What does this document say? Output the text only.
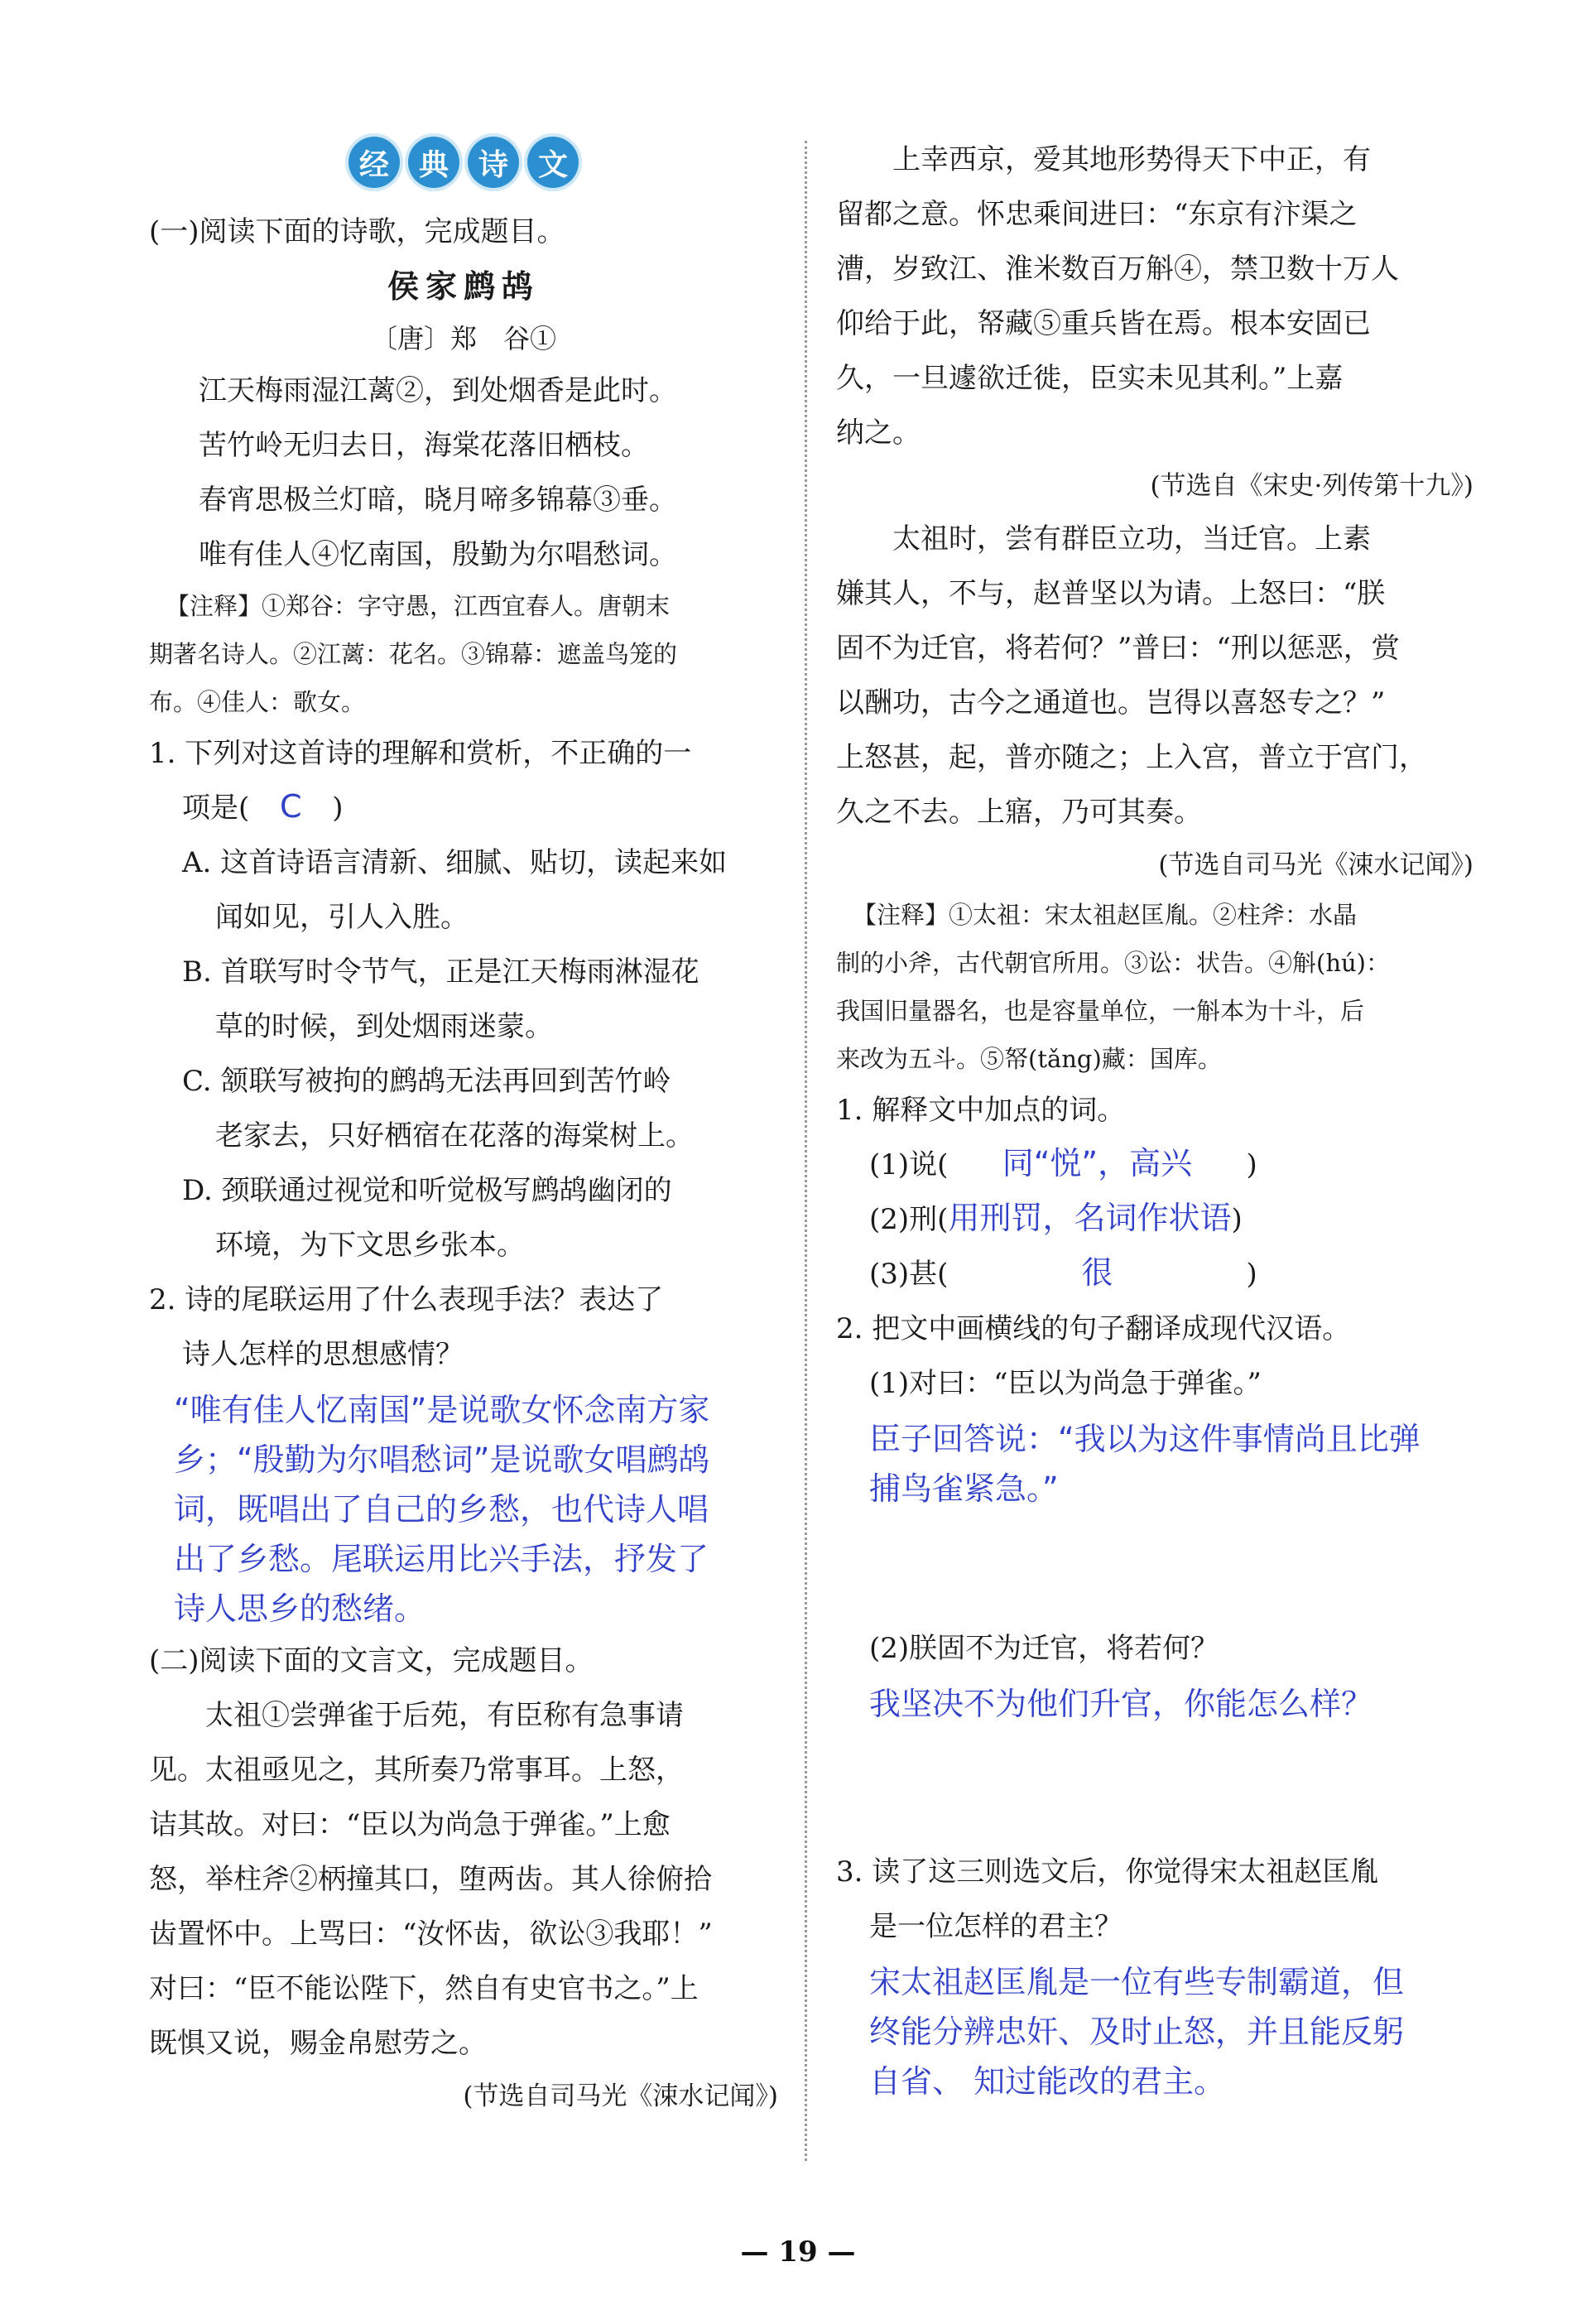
经 典 诗 文
(一)阅读下面的诗歌，完成题目。
侯家鹧鸪
〔唐〕郑　谷①
江天梅雨湿江蓠②，到处烟香是此时。
苦竹岭无归去日，海棠花落旧栖枝。
春宵思极兰灯暗，晓月啼多锦幕③垂。
唯有佳人④忆南国，殷勤为尔唱愁词。
【注释】①郑谷：字守愚，江西宜春人。唐朝末
期著名诗人。②江蓠：花名。③锦幕：遮盖鸟笼的
布。④佳人：歌女。
1. 下列对这首诗的理解和赏析，不正确的一
项是( C )
A. 这首诗语言清新、细腻、贴切，读起来如
闻如见，引人入胜。
B. 首联写时令节气，正是江天梅雨淋湿花
草的时候，到处烟雨迷蒙。
C. 颔联写被拘的鹧鸪无法再回到苦竹岭
老家去，只好栖宿在花落的海棠树上。
D. 颈联通过视觉和听觉极写鹧鸪幽闭的
环境，为下文思乡张本。
2. 诗的尾联运用了什么表现手法？表达了
诗人怎样的思想感情？
“唯有佳人忆南国”是说歌女怀念南方家
乡；“殷勤为尔唱愁词”是说歌女唱鹧鸪
词，既唱出了自己的乡愁，也代诗人唱
出了乡愁。尾联运用比兴手法，抒发了
诗人思乡的愁绪。
(二)阅读下面的文言文，完成题目。
太祖①尝弹雀于后苑，有臣称有急事请
见。太祖亟见之，其所奏乃常事耳。上怒，
诘其故。对曰：“臣以为尚急于弹雀。”上愈
怒，举柱斧②柄撞其口，堕两齿。其人徐俯拾
齿置怀中。上骂曰：“汝怀齿，欲讼③我耶！”
对曰：“臣不能讼陛下，然自有史官书之。”上
既惧又说，赐金帛慰劳之。
(节选自司马光《涑水记闻》)
上幸西京，爱其地形势得天下中正，有
留都之意。怀忠乘间进曰：“东京有汴渠之
漕，岁致江、淮米数百万斛④，禁卫数十万人
仰给于此，帑藏⑤重兵皆在焉。根本安固已
久，一旦遽欲迁徙，臣实未见其利。”上嘉
纳之。
(节选自《宋史·列传第十九》)
太祖时，尝有群臣立功，当迁官。上素
嫌其人，不与，赵普坚以为请。上怒曰：“朕
固不为迁官，将若何？”普曰：“刑以惩恶，赏
以酬功，古今之通道也。岂得以喜怒专之？”
上怒甚，起，普亦随之；上入宫，普立于宫门，
久之不去。上寤，乃可其奏。
(节选自司马光《涑水记闻》)
【注释】①太祖：宋太祖赵匡胤。②柱斧：水晶
制的小斧，古代朝官所用。③讼：状告。④斛(hú)：
我国旧量器名，也是容量单位，一斛本为十斗，后
来改为五斗。⑤帑(tǎng)藏：国库。
1. 解释文中加点的词。
(1)说( 同“悦”，高兴 )
(2)刑(用刑罚，名词作状语)
(3)甚(	很	)
2. 把文中画横线的句子翻译成现代汉语。
(1)对曰：“臣以为尚急于弹雀。”
臣子回答说：“我以为这件事情尚且比弹
捕鸟雀紧急。”
(2)朕固不为迁官，将若何？
我坚决不为他们升官，你能怎么样？
3. 读了这三则选文后，你觉得宋太祖赵匡胤
是一位怎样的君主？
宋太祖赵匡胤是一位有些专制霸道，但
终能分辨忠奸、及时止怒，并且能反躬
自省、 知过能改的君主。
— 19 —
